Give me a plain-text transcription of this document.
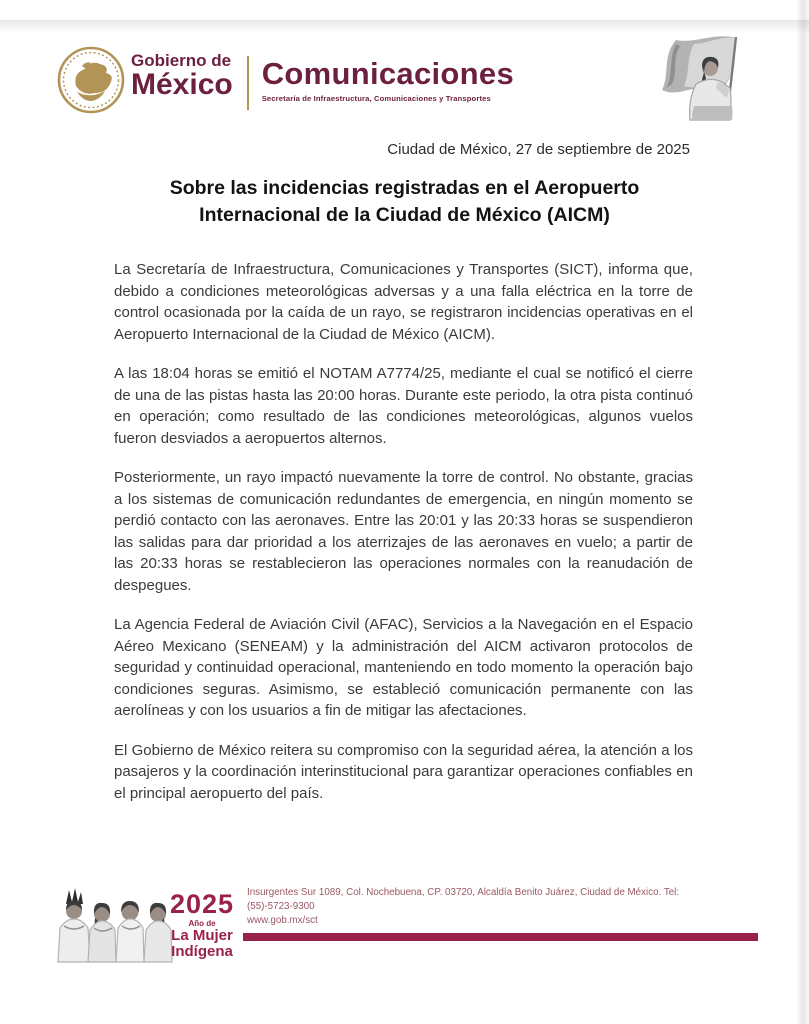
Gobierno de
México Comunicaciones
Secretaría de Infraestructura, Comunicaciones y Transportes
Ciudad de México, 27 de septiembre de 2025
Sobre las incidencias registradas en el Aeropuerto Internacional de la Ciudad de México (AICM)

La Secretaría de Infraestructura, Comunicaciones y Transportes (SICT), informa que, debido a condiciones meteorológicas adversas y a una falla eléctrica en la torre de control ocasionada por la caída de un rayo, se registraron incidencias operativas en el Aeropuerto Internacional de la Ciudad de México (AICM).

A las 18:04 horas se emitió el NOTAM A7774/25, mediante el cual se notificó el cierre de una de las pistas hasta las 20:00 horas. Durante este periodo, la otra pista continuó en operación; como resultado de las condiciones meteorológicas, algunos vuelos fueron desviados a aeropuertos alternos.

Posteriormente, un rayo impactó nuevamente la torre de control. No obstante, gracias a los sistemas de comunicación redundantes de emergencia, en ningún momento se perdió contacto con las aeronaves. Entre las 20:01 y las 20:33 horas se suspendieron las salidas para dar prioridad a los aterrizajes de las aeronaves en vuelo; a partir de las 20:33 horas se restablecieron las operaciones normales con la reanudación de despegues.

La Agencia Federal de Aviación Civil (AFAC), Servicios a la Navegación en el Espacio Aéreo Mexicano (SENEAM) y la administración del AICM activaron protocolos de seguridad y continuidad operacional, manteniendo en todo momento la operación bajo condiciones seguras. Asimismo, se estableció comunicación permanente con las aerolíneas y con los usuarios a fin de mitigar las afectaciones.

El Gobierno de México reitera su compromiso con la seguridad aérea, la atención a los pasajeros y la coordinación interinstitucional para garantizar operaciones confiables en el principal aeropuerto del país.

2025
Año de
La Mujer
Indígena
Insurgentes Sur 1089, Col. Nochebuena, CP. 03720, Alcaldía Benito Juárez, Ciudad de México. Tel: (55)-5723-9300
www.gob.mx/sct
